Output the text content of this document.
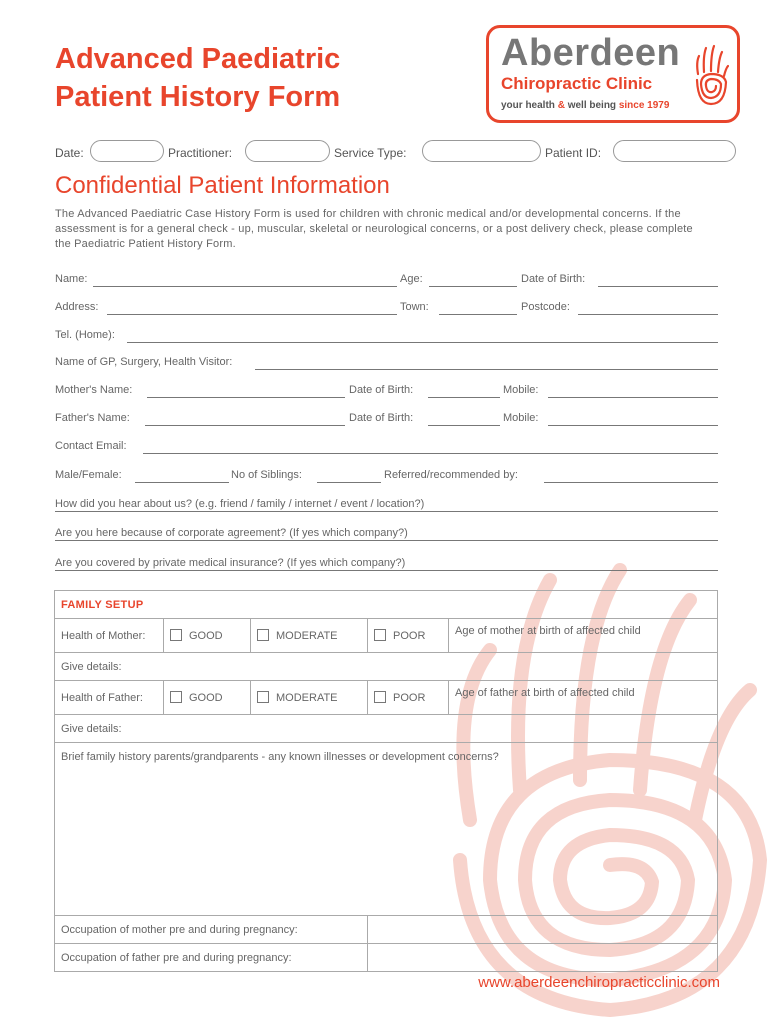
Advanced Paediatric
Patient History Form
Aberdeen
Chiropractic Clinic
your health & well being since 1979
Date:	Practitioner:	Service Type:	Patient ID:
Confidential Patient Information
The Advanced Paediatric Case History Form is used for children with chronic medical and/or developmental concerns. If the assessment is for a general check - up, muscular, skeletal or neurological concerns, or a post delivery check, please complete the Paediatric Patient History Form.
Name:	Age:	Date of Birth:
Address:	Town:	Postcode:
Tel. (Home):
Name of GP, Surgery, Health Visitor:
Mother's Name:	Date of Birth:	Mobile:
Father's Name:	Date of Birth:	Mobile:
Contact Email:
Male/Female:	No of Siblings:	Referred/recommended by:
How did you hear about us? (e.g. friend / family / internet / event / location?)
Are you here because of corporate agreement? (If yes which company?)
Are you covered by private medical insurance? (If yes which company?)
FAMILY SETUP				
Health of Mother:	GOOD	MODERATE	POOR	Age of mother at birth of affected child
Give details:				
Health of Father:	GOOD	MODERATE	POOR	Age of father at birth of affected child
Give details:				
Brief family history parents/grandparents - any known illnesses or development concerns?				
Occupation of mother pre and during pregnancy:				
Occupation of father pre and during pregnancy:				
www.aberdeenchiropracticclinic.com
